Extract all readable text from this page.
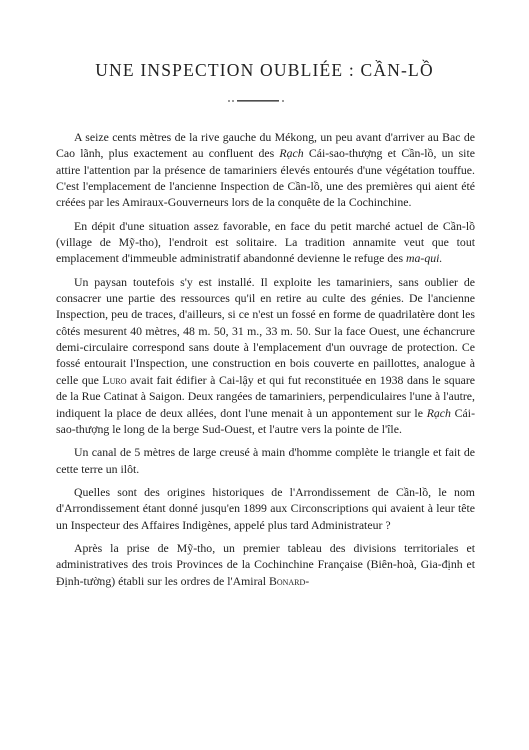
UNE INSPECTION OUBLIÉE : CẦN-LỒ

A seize cents mètres de la rive gauche du Mékong, un peu avant d'arriver au Bac de Cao lãnh, plus exactement au confluent des Rạch Cái-sao-thượng et Cần-lồ, un site attire l'attention par la présence de tamariniers élevés entourés d'une végétation touffue. C'est l'emplacement de l'ancienne Inspection de Cần-lồ, une des premières qui aient été créées par les Amiraux-Gouverneurs lors de la conquête de la Cochinchine.

En dépit d'une situation assez favorable, en face du petit marché actuel de Cần-lồ (village de Mỹ-tho), l'endroit est solitaire. La tradition annamite veut que tout emplacement d'immeuble administratif abandonné devienne le refuge des ma-qui.

Un paysan toutefois s'y est installé. Il exploite les tamariniers, sans oublier de consacrer une partie des ressources qu'il en retire au culte des génies. De l'ancienne Inspection, peu de traces, d'ailleurs, si ce n'est un fossé en forme de quadrilatère dont les côtés mesurent 40 mètres, 48 m. 50, 31 m., 33 m. 50. Sur la face Ouest, une échancrure demi-circulaire correspond sans doute à l'emplacement d'un ouvrage de protection. Ce fossé entourait l'Inspection, une construction en bois couverte en paillottes, analogue à celle que Luro avait fait édifier à Cai-lậy et qui fut reconstituée en 1938 dans le square de la Rue Catinat à Saigon. Deux rangées de tamariniers, perpendiculaires l'une à l'autre, indiquent la place de deux allées, dont l'une menait à un appontement sur le Rạch Cái-sao-thượng le long de la berge Sud-Ouest, et l'autre vers la pointe de l'île.

Un canal de 5 mètres de large creusé à main d'homme complète le triangle et fait de cette terre un ilôt.

Quelles sont des origines historiques de l'Arrondissement de Cần-lồ, le nom d'Arrondissement étant donné jusqu'en 1899 aux Circonscriptions qui avaient à leur tête un Inspecteur des Affaires Indigènes, appelé plus tard Administrateur ?

Après la prise de Mỹ-tho, un premier tableau des divisions territoriales et administratives des trois Provinces de la Cochinchine Française (Biên-hoà, Gia-định et Định-tường) établi sur les ordres de l'Amiral Bonard-
